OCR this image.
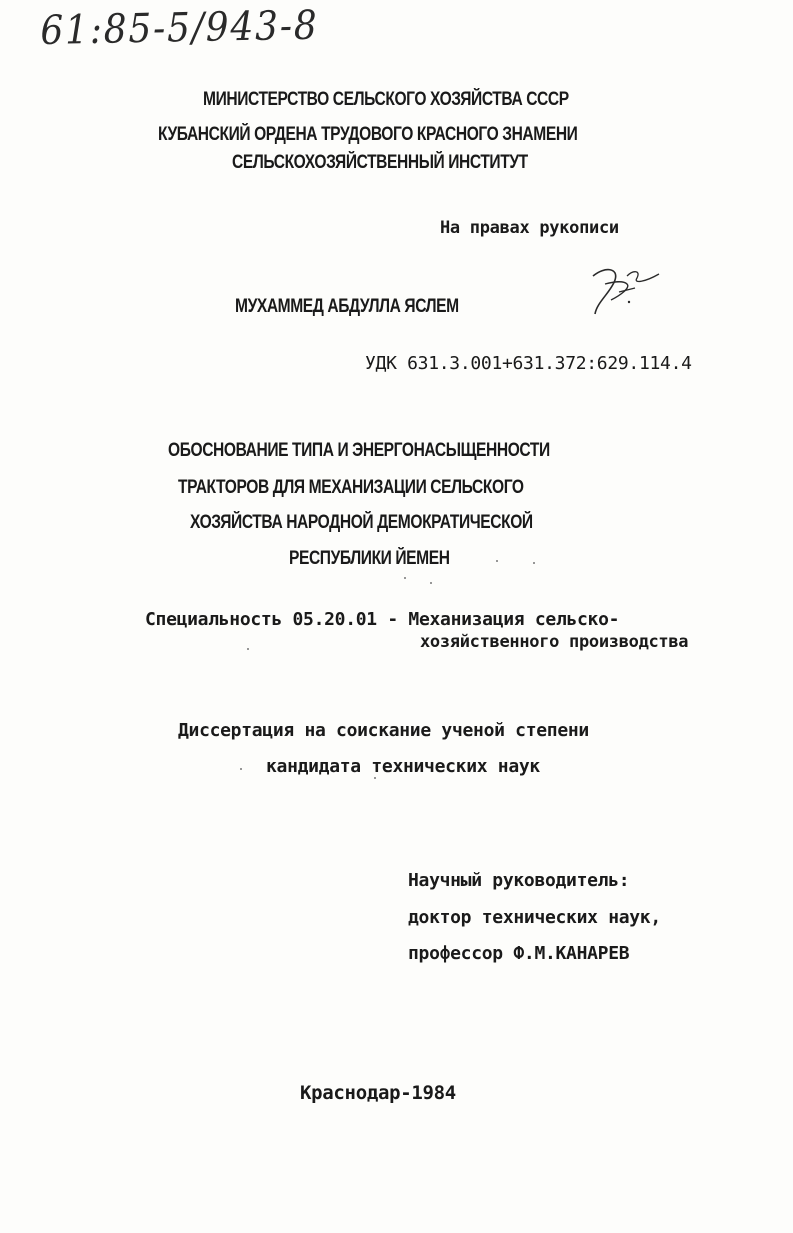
61:85-5/943-8
МИНИСТЕРСТВО СЕЛЬСКОГО ХОЗЯЙСТВА СССР
КУБАНСКИЙ ОРДЕНА ТРУДОВОГО КРАСНОГО ЗНАМЕНИ
СЕЛЬСКОХОЗЯЙСТВЕННЫЙ ИНСТИТУТ
На правах рукописи
МУХАММЕД АБДУЛЛА ЯСЛЕМ
УДК 631.3.001+631.372:629.114.4
ОБОСНОВАНИЕ ТИПА И ЭНЕРГОНАСЫЩЕННОСТИ
ТРАКТОРОВ ДЛЯ МЕХАНИЗАЦИИ СЕЛЬСКОГО
ХОЗЯЙСТВА НАРОДНОЙ ДЕМОКРАТИЧЕСКОЙ
РЕСПУБЛИКИ ЙЕМЕН
Специальность 05.20.01 - Механизация сельско-
хозяйственного производства
Диссертация на соискание ученой степени
кандидата технических наук
Научный руководитель:
доктор технических наук,
профессор Ф.М.КАНАРЕВ
Краснодар-1984
